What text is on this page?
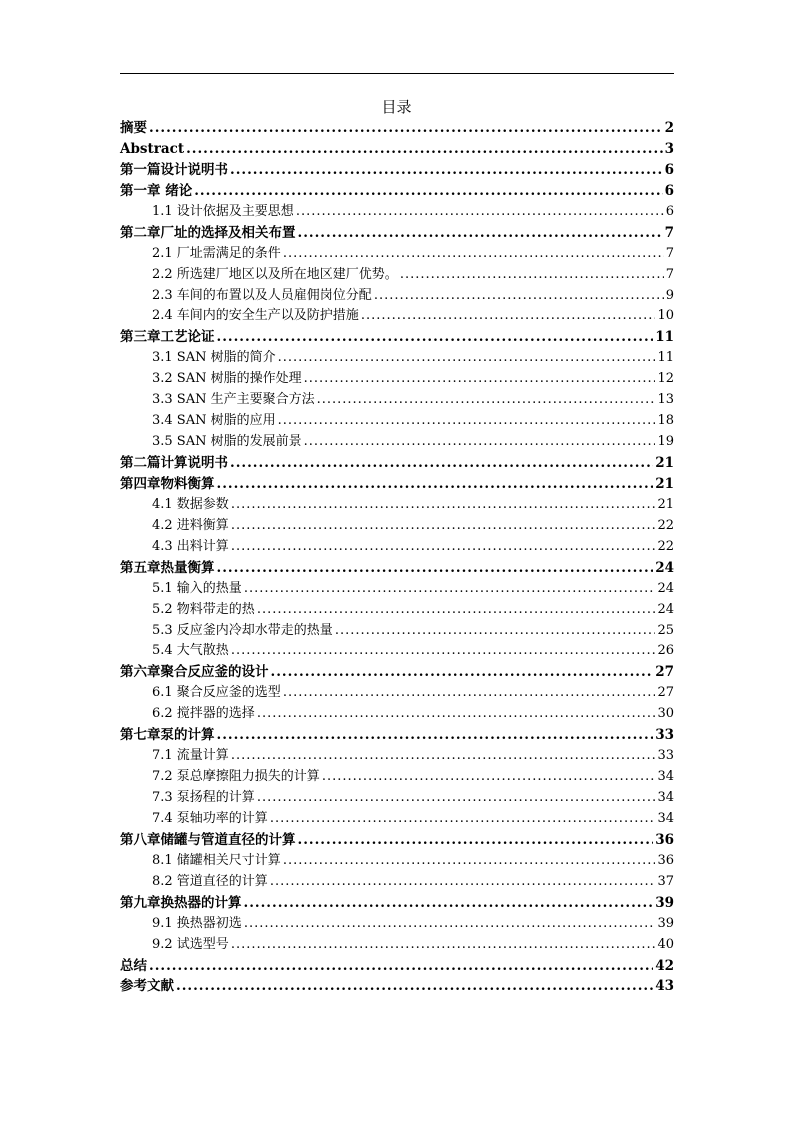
目录
摘要 .....	2
Abstract .....	3
第一篇设计说明书 .....	6
第一章 绪论 .....	6
1.1 设计依据及主要思想 .....	6
第二章厂址的选择及相关布置 .....	7
2.1 厂址需满足的条件 .....	7
2.2 所选建厂地区以及所在地区建厂优势。 .....	7
2.3 车间的布置以及人员雇佣岗位分配 .....	9
2.4 车间内的安全生产以及防护措施 .....	10
第三章工艺论证 .....	11
3.1 SAN 树脂的简介 .....	11
3.2 SAN 树脂的操作处理 .....	12
3.3 SAN 生产主要聚合方法 .....	13
3.4 SAN 树脂的应用 .....	18
3.5 SAN 树脂的发展前景 .....	19
第二篇计算说明书 .....	21
第四章物料衡算 .....	21
4.1 数据参数 .....	21
4.2 进料衡算 .....	22
4.3 出料计算 .....	22
第五章热量衡算 .....	24
5.1 输入的热量 .....	24
5.2 物料带走的热 .....	24
5.3 反应釜内冷却水带走的热量 .....	25
5.4 大气散热 .....	26
第六章聚合反应釜的设计 .....	27
6.1 聚合反应釜的选型 .....	27
6.2 搅拌器的选择 .....	30
第七章泵的计算 .....	33
7.1 流量计算 .....	33
7.2 泵总摩擦阻力损失的计算 .....	34
7.3 泵扬程的计算 .....	34
7.4 泵轴功率的计算 .....	34
第八章储罐与管道直径的计算 .....	36
8.1 储罐相关尺寸计算 .....	36
8.2 管道直径的计算 .....	37
第九章换热器的计算 .....	39
9.1 换热器初选 .....	39
9.2 试选型号 .....	40
总结 .....	42
参考文献 .....	43
